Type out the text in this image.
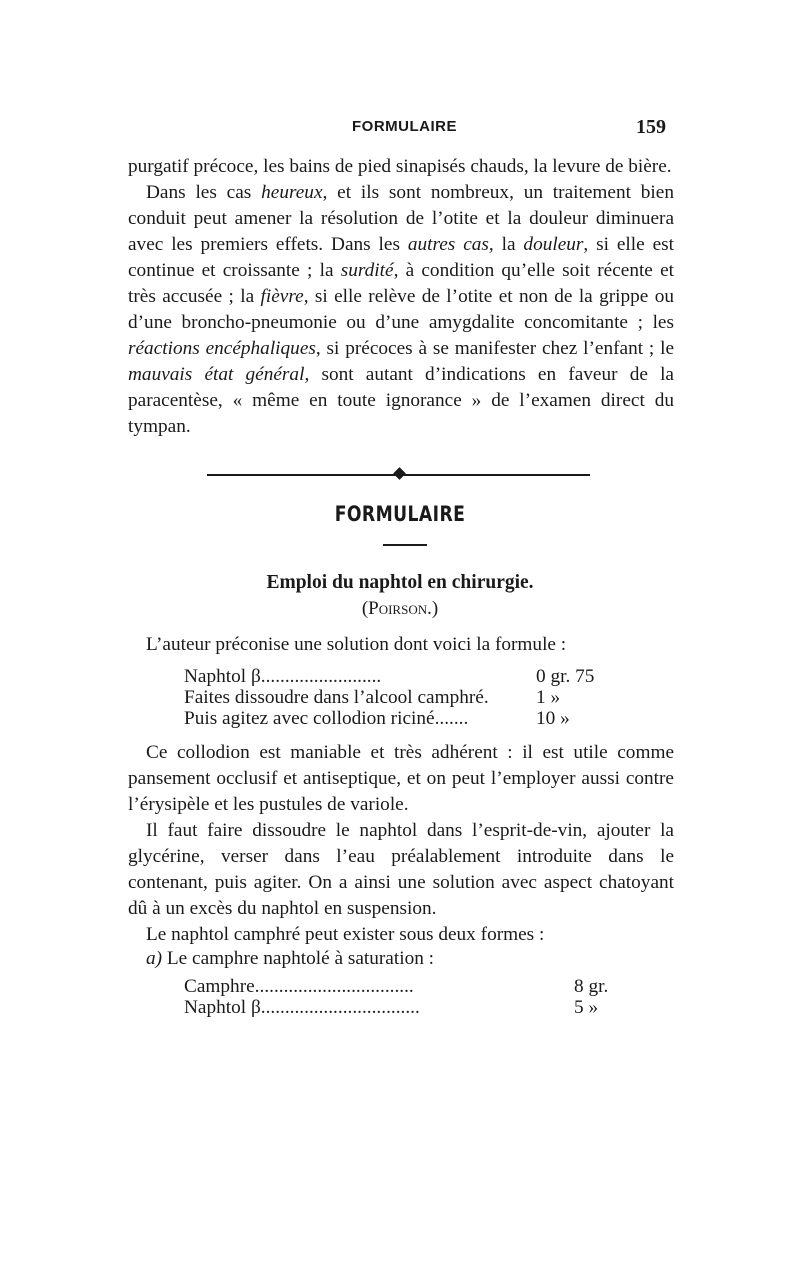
FORMULAIRE	159

purgatif précoce, les bains de pied sinapisés chauds, la levure de bière.

Dans les cas heureux, et ils sont nombreux, un traitement bien conduit peut amener la résolution de l’otite et la douleur diminuera avec les premiers effets. Dans les autres cas, la douleur, si elle est continue et croissante ; la surdité, à condition qu’elle soit récente et très accusée ; la fièvre, si elle relève de l’otite et non de la grippe ou d’une broncho-pneumonie ou d’une amygdalite concomitante ; les réactions encéphaliques, si précoces à se manifester chez l’enfant ; le mauvais état général, sont autant d’indications en faveur de la paracentèse, « même en toute ignorance » de l’examen direct du tympan.

FORMULAIRE
Emploi du naphtol en chirurgie.
(Poirson.)

L’auteur préconise une solution dont voici la formule :

Naphtol β.........................	0 gr. 75
Faites dissoudre dans l’alcool camphré. 1 »
Puis agitez avec collodion riciné.......	10 »

Ce collodion est maniable et très adhérent : il est utile comme pansement occlusif et antiseptique, et on peut l’employer aussi contre l’érysipèle et les pustules de variole.

Il faut faire dissoudre le naphtol dans l’esprit-de-vin, ajouter la glycérine, verser dans l’eau préalablement introduite dans le contenant, puis agiter. On a ainsi une solution avec aspect chatoyant dû à un excès du naphtol en suspension.

Le naphtol camphré peut exister sous deux formes :

a) Le camphre naphtolé à saturation :
Camphre.................................	8 gr.
Naphtol β.................................	5 »
